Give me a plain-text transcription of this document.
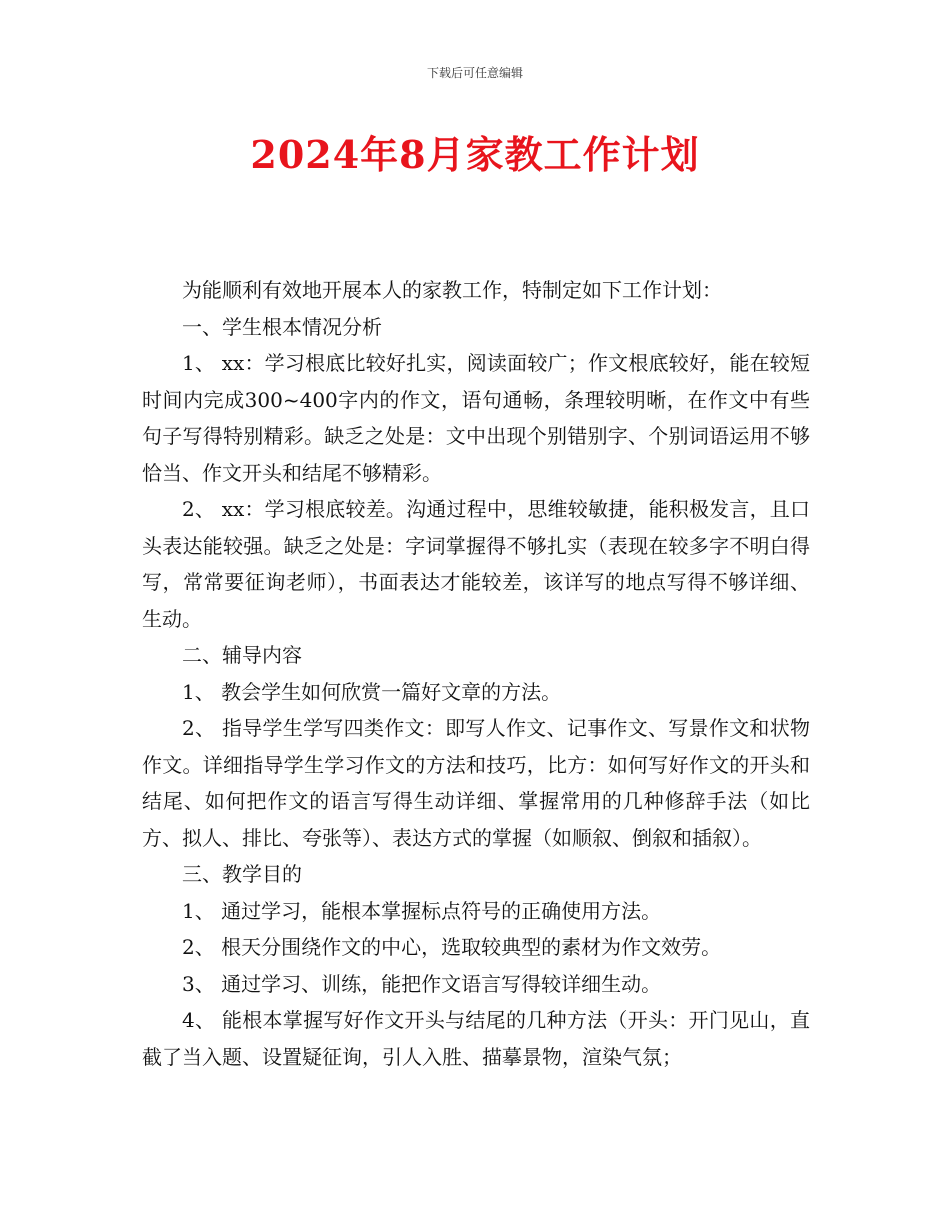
下载后可任意编辑
2024年8月家教工作计划

为能顺利有效地开展本人的家教工作，特制定如下工作计划：

一、学生根本情况分析

1、 xx：学习根底比较好扎实，阅读面较广；作文根底较好，能在较短时间内完成300~400字内的作文，语句通畅，条理较明晰，在作文中有些句子写得特别精彩。缺乏之处是：文中出现个别错别字、个别词语运用不够恰当、作文开头和结尾不够精彩。

2、 xx：学习根底较差。沟通过程中，思维较敏捷，能积极发言，且口头表达能较强。缺乏之处是：字词掌握得不够扎实（表现在较多字不明白得写，常常要征询老师），书面表达才能较差，该详写的地点写得不够详细、生动。

二、辅导内容

1、 教会学生如何欣赏一篇好文章的方法。

2、 指导学生学写四类作文：即写人作文、记事作文、写景作文和状物作文。详细指导学生学习作文的方法和技巧，比方：如何写好作文的开头和结尾、如何把作文的语言写得生动详细、掌握常用的几种修辞手法（如比方、拟人、排比、夸张等）、表达方式的掌握（如顺叙、倒叙和插叙）。

三、教学目的

1、 通过学习，能根本掌握标点符号的正确使用方法。

2、 根天分围绕作文的中心，选取较典型的素材为作文效劳。

3、 通过学习、训练，能把作文语言写得较详细生动。

4、 能根本掌握写好作文开头与结尾的几种方法（开头：开门见山，直截了当入题、设置疑征询，引人入胜、描摹景物，渲染气氛；
